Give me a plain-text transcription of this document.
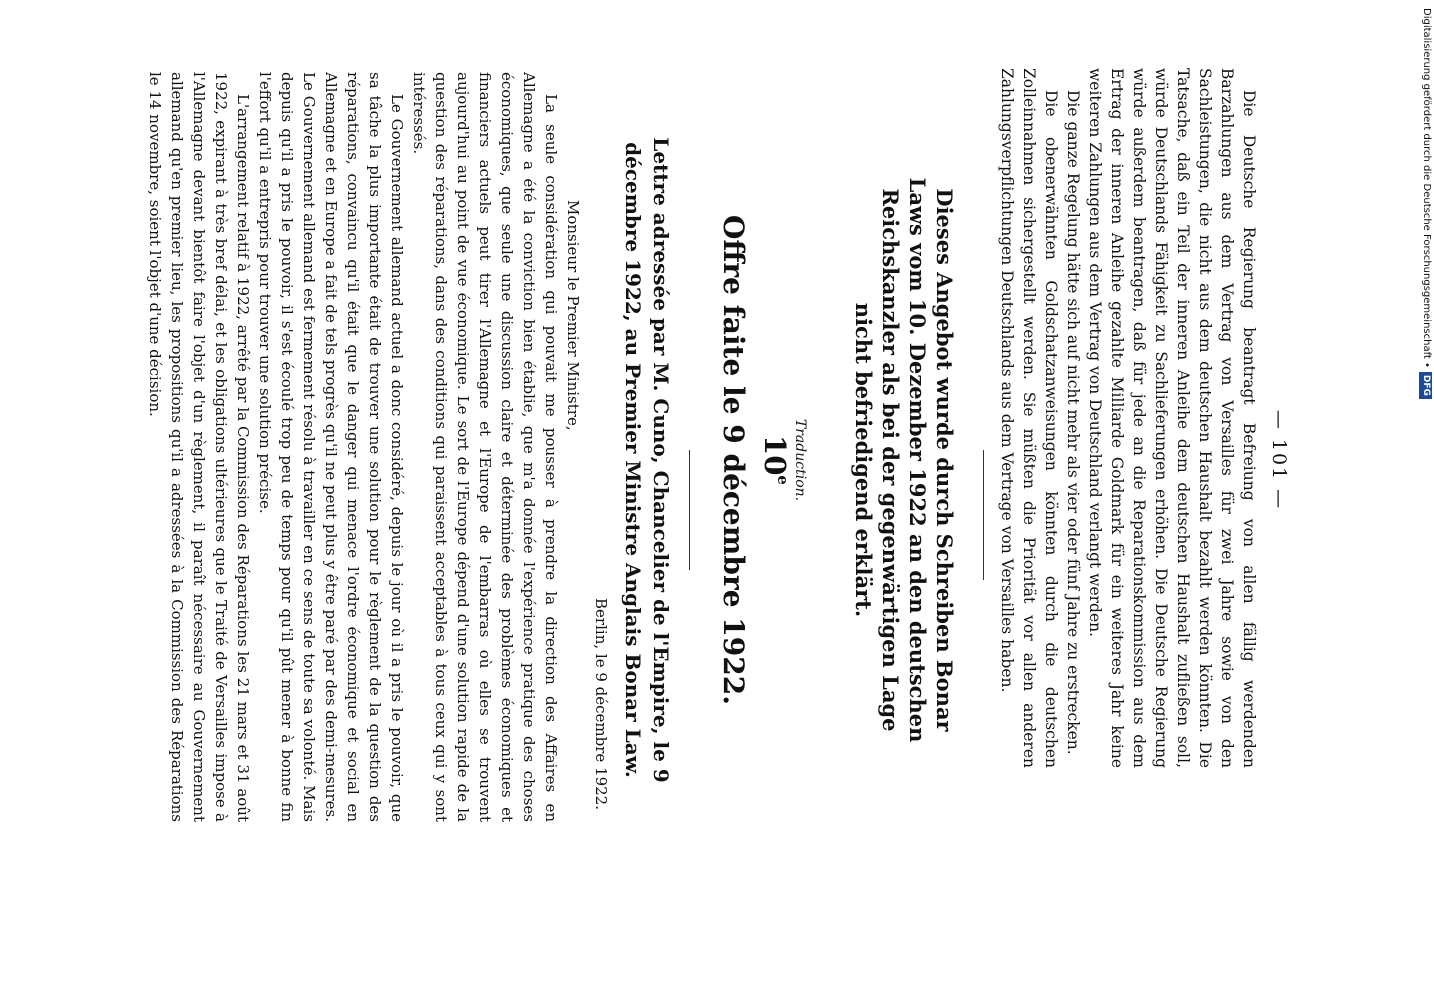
— 101 —

Die Deutsche Regierung beantragt Befreiung von allen fällig werdenden Barzahlungen aus dem Vertrag von Versailles für zwei Jahre sowie von den Sachleistungen, die nicht aus dem deutschen Haushalt bezahlt werden könnten. Die Tatsache, daß ein Teil der inneren Anleihe dem deutschen Haushalt zufließen soll, würde Deutschlands Fähigkeit zu Sachlieferungen erhöhen. Die Deutsche Regierung würde außerdem beantragen, daß für jede an die Reparationskommission aus dem Ertrag der inneren Anleihe gezahlte Milliarde Goldmark für ein weiteres Jahr keine weiteren Zahlungen aus dem Vertrag von Deutschland verlangt werden.

Die ganze Regelung hätte sich auf nicht mehr als vier oder fünf Jahre zu erstrecken.

Die obenerwähnten Goldschatzanweisungen könnten durch die deutschen Zolleinnahmen sichergestellt werden. Sie müßten die Priorität vor allen anderen Zahlungsverpflichtungen Deutschlands aus dem Vertrage von Versailles haben.

Dieses Angebot wurde durch Schreiben Bonar Laws vom 10. Dezember 1922 an den deutschen Reichskanzler als bei der gegenwärtigen Lage nicht befriedigend erklärt.

Traduction.
10e
Offre faite le 9 décembre 1922.

Lettre adressée par M. Cuno, Chancelier de l'Empire, le 9 décembre 1922, au Premier Ministre Anglais Bonar Law.

Berlin, le 9 décembre 1922.
Monsieur le Premier Ministre,

La seule considération qui pouvait me pousser à prendre la direction des Affaires en Allemagne a été la conviction bien établie, que m'a donnée l'expérience pratique des choses économiques, que seule une discussion claire et déterminée des problèmes économiques et financiers actuels peut tirer l'Allemagne et l'Europe de l'embarras où elles se trouvent aujourd'hui au point de vue économique. Le sort de l'Europe dépend d'une solution rapide de la question des réparations, dans des conditions qui paraissent acceptables à tous ceux qui y sont intéressés.

Le Gouvernement allemand actuel a donc considéré, depuis le jour où il a pris le pouvoir, que sa tâche la plus importante était de trouver une solution pour le règlement de la question des réparations, convaincu qu'il était que le danger qui menace l'ordre économique et social en Allemagne et en Europe a fait de tels progrès qu'il ne peut plus y être paré par des demi-mesures. Le Gouvernement allemand est fermement résolu à travailler en ce sens de toute sa volonté. Mais depuis qu'il a pris le pouvoir, il s'est écoulé trop peu de temps pour qu'il pût mener à bonne fin l'effort qu'il a entrepris pour trouver une solution précise.

L'arrangement relatif à 1922, arrêté par la Commission des Réparations les 21 mars et 31 août 1922, expirant à très bref délai, et les obligations ultérieures que le Traité de Versailles impose à l'Allemagne devant bientôt faire l'objet d'un règlement, il paraît nécessaire au Gouvernement allemand qu'en premier lieu, les propositions qu'il a adressées à la Commission des Réparations le 14 novembre, soient l'objet d'une décision.	Digitalisierung gefördert durch die Deutsche Forschungsgemeinschaft •
DFG
